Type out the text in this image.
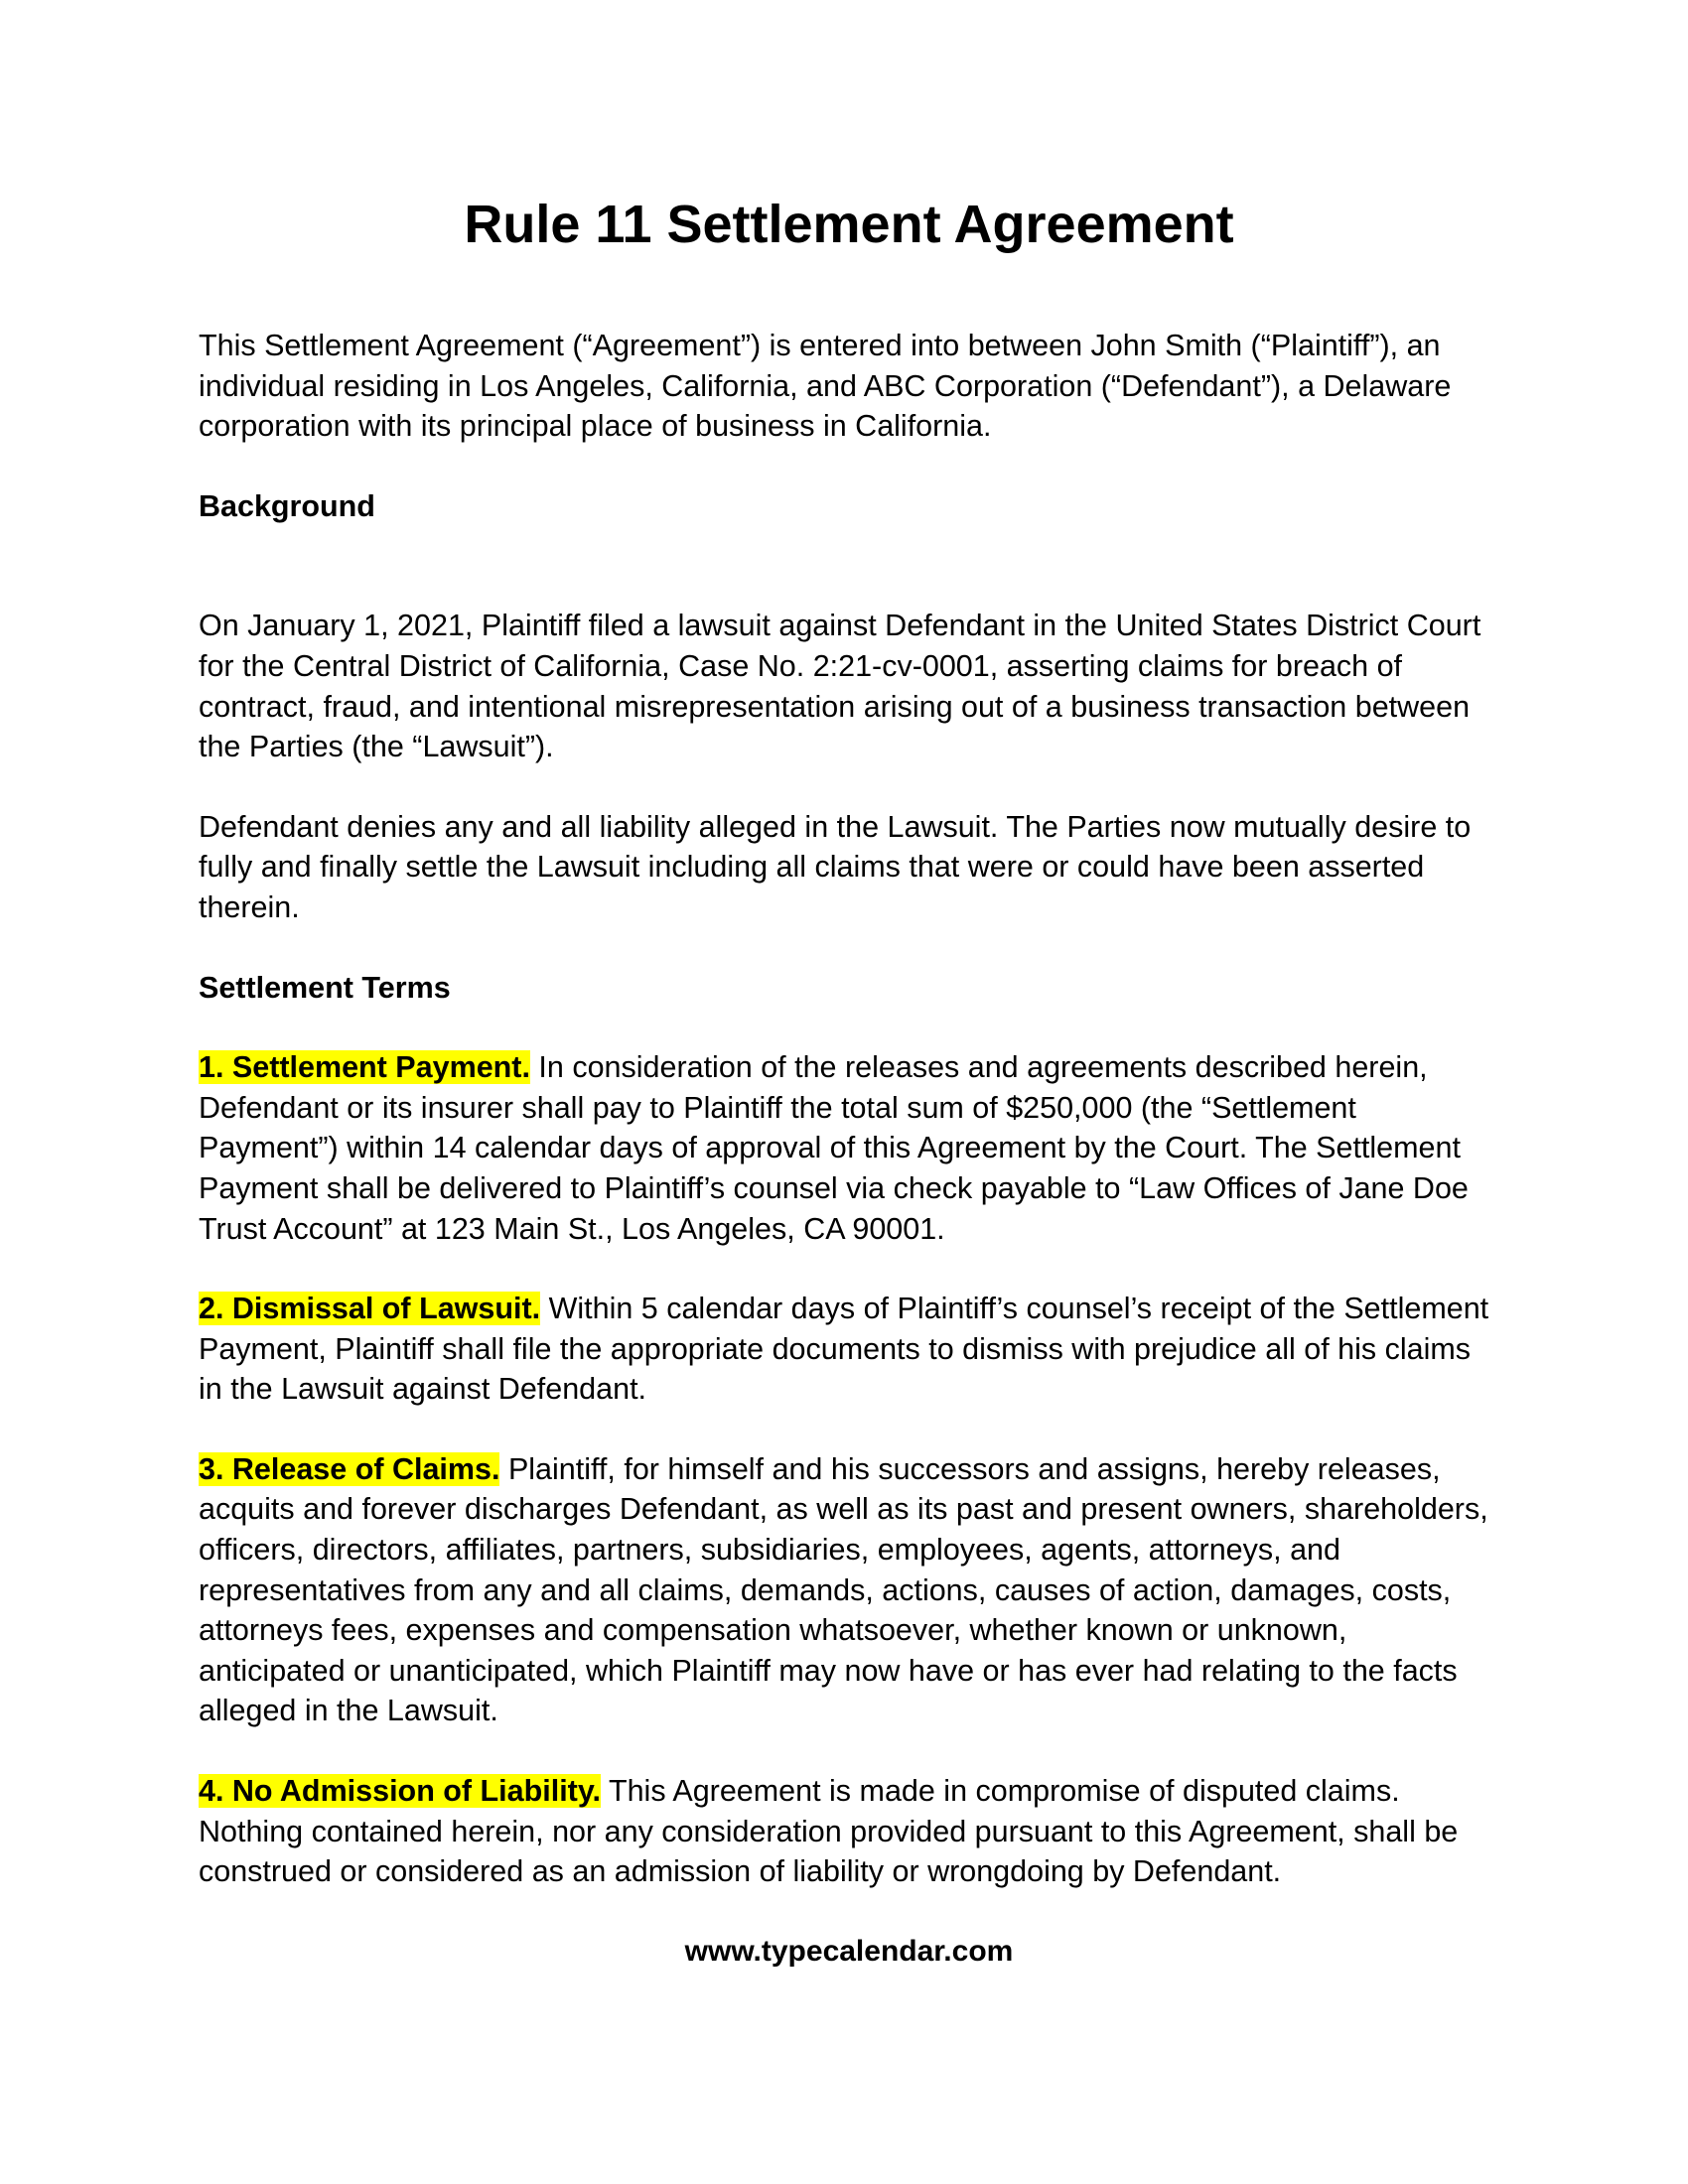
Rule 11 Settlement Agreement

This Settlement Agreement (“Agreement”) is entered into between John Smith (“Plaintiff”), an individual residing in Los Angeles, California, and ABC Corporation (“Defendant”), a Delaware corporation with its principal place of business in California.

Background

On January 1, 2021, Plaintiff filed a lawsuit against Defendant in the United States District Court for the Central District of California, Case No. 2:21-cv-0001, asserting claims for breach of contract, fraud, and intentional misrepresentation arising out of a business transaction between the Parties (the “Lawsuit”).

Defendant denies any and all liability alleged in the Lawsuit. The Parties now mutually desire to fully and finally settle the Lawsuit including all claims that were or could have been asserted therein.

Settlement Terms

1. Settlement Payment. In consideration of the releases and agreements described herein, Defendant or its insurer shall pay to Plaintiff the total sum of $250,000 (the “Settlement Payment”) within 14 calendar days of approval of this Agreement by the Court. The Settlement Payment shall be delivered to Plaintiff’s counsel via check payable to “Law Offices of Jane Doe Trust Account” at 123 Main St., Los Angeles, CA 90001.

2. Dismissal of Lawsuit. Within 5 calendar days of Plaintiff’s counsel’s receipt of the Settlement Payment, Plaintiff shall file the appropriate documents to dismiss with prejudice all of his claims in the Lawsuit against Defendant.

3. Release of Claims. Plaintiff, for himself and his successors and assigns, hereby releases, acquits and forever discharges Defendant, as well as its past and present owners, shareholders, officers, directors, affiliates, partners, subsidiaries, employees, agents, attorneys, and representatives from any and all claims, demands, actions, causes of action, damages, costs, attorneys fees, expenses and compensation whatsoever, whether known or unknown, anticipated or unanticipated, which Plaintiff may now have or has ever had relating to the facts alleged in the Lawsuit.

4. No Admission of Liability. This Agreement is made in compromise of disputed claims. Nothing contained herein, nor any consideration provided pursuant to this Agreement, shall be construed or considered as an admission of liability or wrongdoing by Defendant.

www.typecalendar.com
